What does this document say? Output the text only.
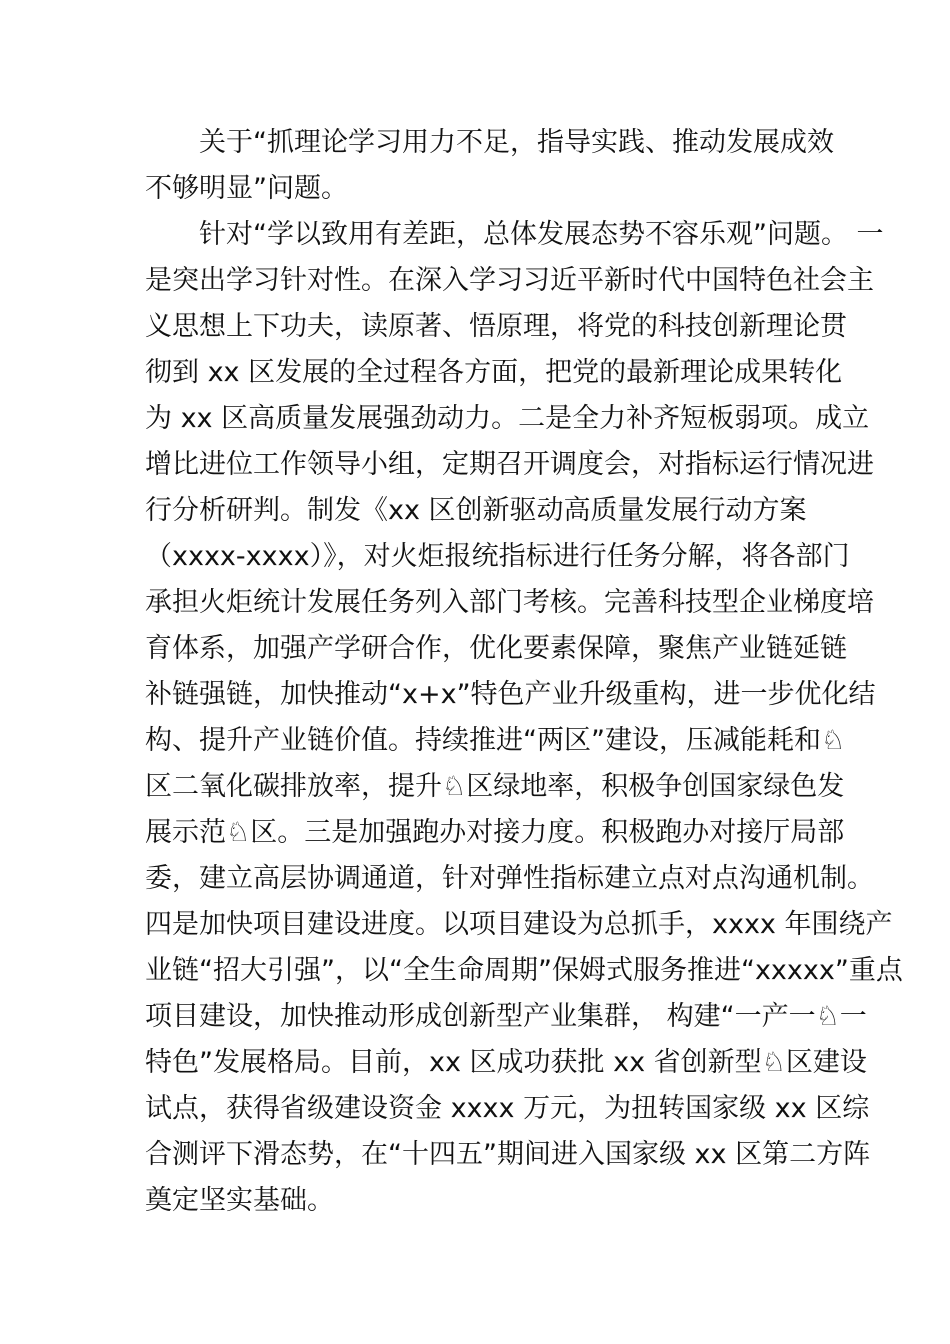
关于“抓理论学习用力不足，指导实践、推动发展成效
不够明显”问题。
针对“学以致用有差距，总体发展态势不容乐观”问题。 一
是突出学习针对性。在深入学习习近平新时代中国特色社会主
义思想上下功夫，读原著、悟原理，将党的科技创新理论贯
彻到 xx 区发展的全过程各方面，把党的最新理论成果转化
为 xx 区高质量发展强劲动力。二是全力补齐短板弱项。成立
增比进位工作领导小组，定期召开调度会，对指标运行情况进
行分析研判。制发《xx 区创新驱动高质量发展行动方案
（xxxx-xxxx）》，对火炬报统指标进行任务分解，将各部门
承担火炬统计发展任务列入部门考核。完善科技型企业梯度培
育体系，加强产学研合作，优化要素保障，聚焦产业链延链
补链强链，加快推动“x+x”特色产业升级重构，进一步优化结
构、提升产业链价值。持续推进“两区”建设，压减能耗和♘
区二氧化碳排放率，提升♘区绿地率，积极争创国家绿色发
展示范♘区。三是加强跑办对接力度。积极跑办对接厅局部
委，建立高层协调通道，针对弹性指标建立点对点沟通机制。
四是加快项目建设进度。以项目建设为总抓手，xxxx 年围绕产
业链“招大引强”，以“全生命周期”保姆式服务推进“xxxxx”重点
项目建设，加快推动形成创新型产业集群， 构建“一产一♘一
特色”发展格局。目前，xx 区成功获批 xx 省创新型♘区建设
试点，获得省级建设资金 xxxx 万元，为扭转国家级 xx 区综
合测评下滑态势，在“十四五”期间进入国家级 xx 区第二方阵
奠定坚实基础。
